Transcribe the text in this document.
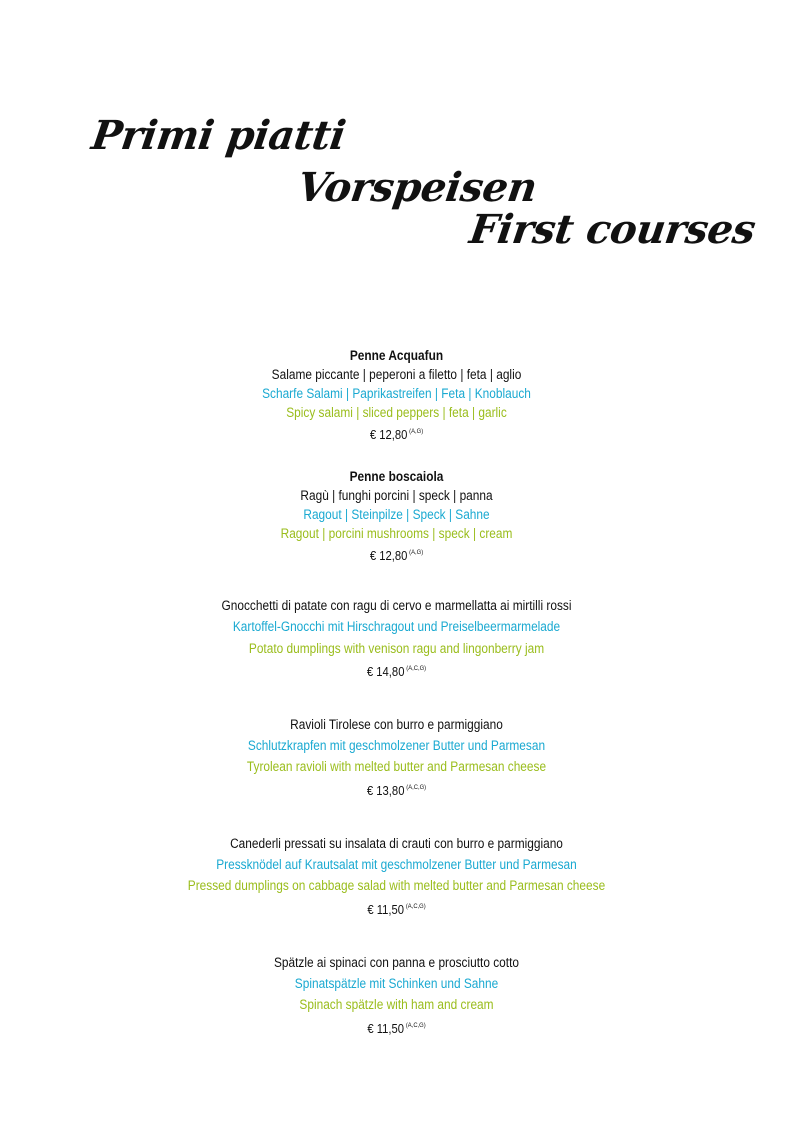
Primi piatti
Vorspeisen
First courses
Penne Acquafun
Salame piccante | peperoni a filetto | feta | aglio
Scharfe Salami | Paprikastreifen | Feta | Knoblauch
Spicy salami | sliced peppers | feta | garlic
€ 12,80 $^{(A,G)}$
Penne boscaiola
Ragù | funghi porcini | speck | panna
Ragout | Steinpilze | Speck | Sahne
Ragout | porcini mushrooms | speck | cream
€ 12,80 $^{(A,G)}$
Gnocchetti di patate con ragu di cervo e marmellatta ai mirtilli rossi
Kartoffel-Gnocchi mit Hirschragout und Preiselbeermarmelade
Potato dumplings with venison ragu and lingonberry jam
€ 14,80 $^{(A,C,G)}$
Ravioli Tirolese con burro e parmiggiano
Schlutzkrapfen mit geschmolzener Butter und Parmesan
Tyrolean ravioli with melted butter and Parmesan cheese
€ 13,80 $^{(A,C,G)}$
Canederli pressati su insalata di crauti con burro e parmiggiano
Pressknödel auf Krautsalat mit geschmolzener Butter und Parmesan
Pressed dumplings on cabbage salad with melted butter and Parmesan cheese
€ 11,50 $^{(A,C,G)}$
Spätzle ai spinaci con panna e prosciutto cotto
Spinatspätzle mit Schinken und Sahne
Spinach spätzle with ham and cream
€ 11,50 $^{(A,C,G)}$
